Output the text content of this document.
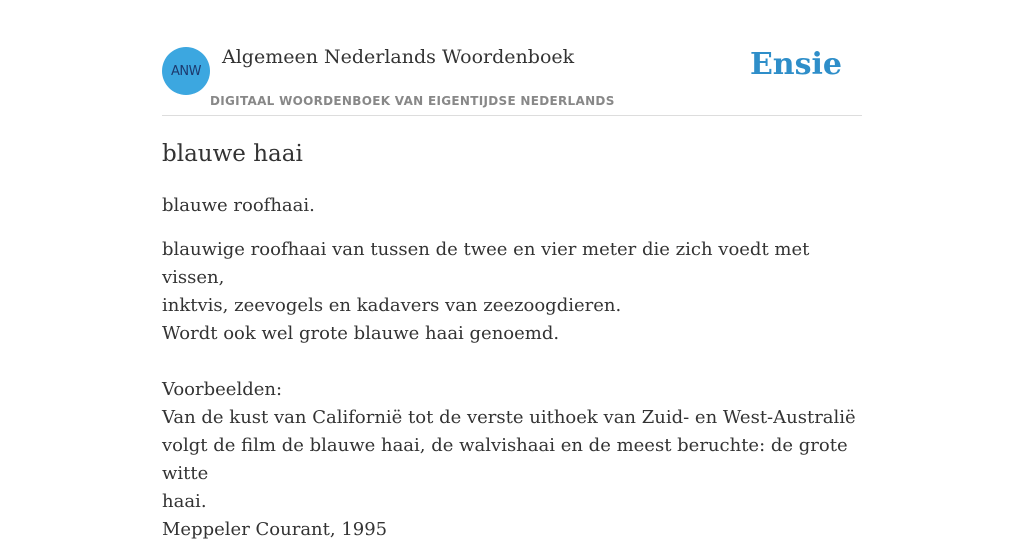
ANW
Algemeen Nederlands Woordenboek
DIGITAAL WOORDENBOEK VAN EIGENTIJDSE NEDERLANDS
Ensie
blauwe haai

blauwe roofhaai.

blauwige roofhaai van tussen de twee en vier meter die zich voedt met vissen,
inktvis, zeevogels en kadavers van zeezoogdieren.
Wordt ook wel grote blauwe haai genoemd.
Voorbeelden:
Van de kust van Californië tot de verste uithoek van Zuid- en West-Australië
volgt de film de blauwe haai, de walvishaai en de meest beruchte: de grote witte
haai.
Meppeler Courant, 1995
